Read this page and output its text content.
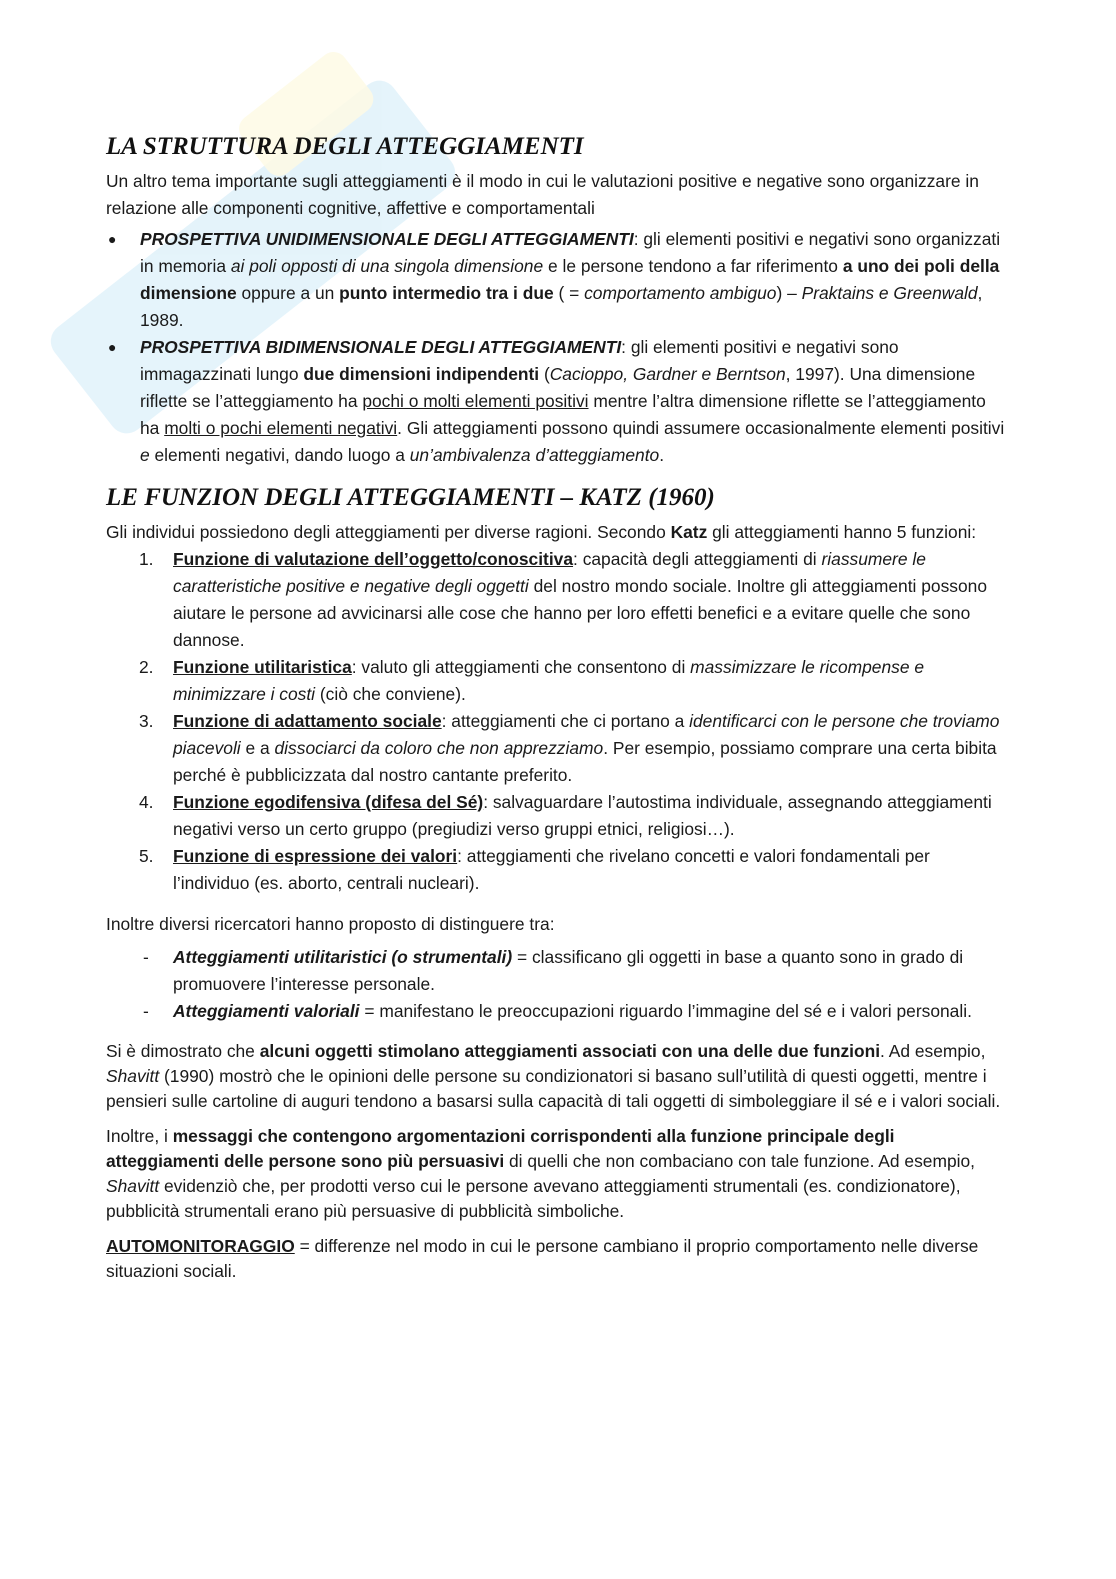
LA STRUTTURA DEGLI ATTEGGIAMENTI

Un altro tema importante sugli atteggiamenti è il modo in cui le valutazioni positive e negative sono organizzare in relazione alle componenti cognitive, affettive e comportamentali

● PROSPETTIVA UNIDIMENSIONALE DEGLI ATTEGGIAMENTI: gli elementi positivi e negativi sono organizzati in memoria ai poli opposti di una singola dimensione e le persone tendono a far riferimento a uno dei poli della dimensione oppure a un punto intermedio tra i due ( = comportamento ambiguo) – Praktains e Greenwald, 1989.
● PROSPETTIVA BIDIMENSIONALE DEGLI ATTEGGIAMENTI: gli elementi positivi e negativi sono immagazzinati lungo due dimensioni indipendenti (Cacioppo, Gardner e Berntson, 1997). Una dimensione riflette se l’atteggiamento ha pochi o molti elementi positivi mentre l’altra dimensione riflette se l’atteggiamento ha molti o pochi elementi negativi. Gli atteggiamenti possono quindi assumere occasionalmente elementi positivi e elementi negativi, dando luogo a un’ambivalenza d’atteggiamento.
LE FUNZION DEGLI ATTEGGIAMENTI – KATZ (1960)

Gli individui possiedono degli atteggiamenti per diverse ragioni. Secondo Katz gli atteggiamenti hanno 5 funzioni:

1. Funzione di valutazione dell’oggetto/conoscitiva: capacità degli atteggiamenti di riassumere le caratteristiche positive e negative degli oggetti del nostro mondo sociale. Inoltre gli atteggiamenti possono aiutare le persone ad avvicinarsi alle cose che hanno per loro effetti benefici e a evitare quelle che sono dannose.
2. Funzione utilitaristica: valuto gli atteggiamenti che consentono di massimizzare le ricompense e minimizzare i costi (ciò che conviene).
3. Funzione di adattamento sociale: atteggiamenti che ci portano a identificarci con le persone che troviamo piacevoli e a dissociarci da coloro che non apprezziamo. Per esempio, possiamo comprare una certa bibita perché è pubblicizzata dal nostro cantante preferito.
4. Funzione egodifensiva (difesa del Sé): salvaguardare l’autostima individuale, assegnando atteggiamenti negativi verso un certo gruppo (pregiudizi verso gruppi etnici, religiosi…).
5. Funzione di espressione dei valori: atteggiamenti che rivelano concetti e valori fondamentali per l’individuo (es. aborto, centrali nucleari).

Inoltre diversi ricercatori hanno proposto di distinguere tra:

- Atteggiamenti utilitaristici (o strumentali) = classificano gli oggetti in base a quanto sono in grado di promuovere l’interesse personale.
- Atteggiamenti valoriali = manifestano le preoccupazioni riguardo l’immagine del sé e i valori personali.

Si è dimostrato che alcuni oggetti stimolano atteggiamenti associati con una delle due funzioni. Ad esempio, Shavitt (1990) mostrò che le opinioni delle persone su condizionatori si basano sull’utilità di questi oggetti, mentre i pensieri sulle cartoline di auguri tendono a basarsi sulla capacità di tali oggetti di simboleggiare il sé e i valori sociali.

Inoltre, i messaggi che contengono argomentazioni corrispondenti alla funzione principale degli atteggiamenti delle persone sono più persuasivi di quelli che non combaciano con tale funzione. Ad esempio, Shavitt evidenziò che, per prodotti verso cui le persone avevano atteggiamenti strumentali (es. condizionatore), pubblicità strumentali erano più persuasive di pubblicità simboliche.

AUTOMONITORAGGIO = differenze nel modo in cui le persone cambiano il proprio comportamento nelle diverse situazioni sociali.
